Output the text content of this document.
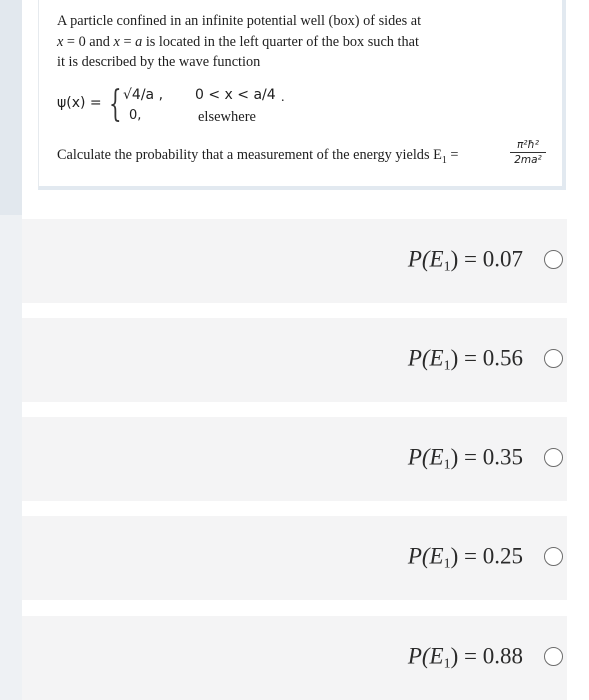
A particle confined in an infinite potential well (box) of sides at
x = 0 and x = a is located in the left quarter of the box such that
it is described by the wave function
ψ(x) = { √4/a ,
0,
0 < x < a/4
elsewhere
.
Calculate the probability that a measurement of the energy yields $E_1$ =	$\frac{\text{π²ħ²}}{\text{2ma²}}$
$P(E_1) = 0.07$
$P(E_1) = 0.56$
$P(E_1) = 0.35$
$P(E_1) = 0.25$
$P(E_1) = 0.88$
